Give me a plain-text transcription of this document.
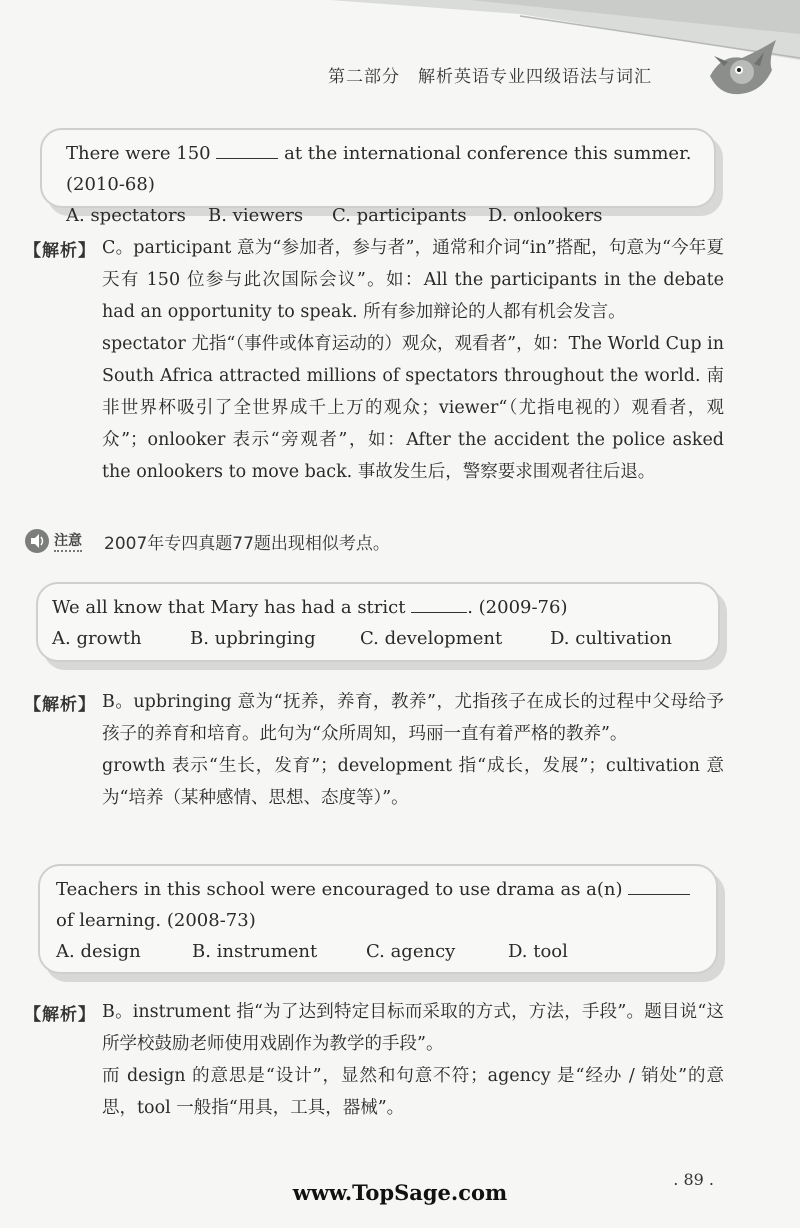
第二部分　解析英语专业四级语法与词汇
There were 150	at the international conference this summer. (2010-68)
A. spectators	B. viewers	C. participants	D. onlookers
【解析】 C。participant 意为“参加者，参与者”，通常和介词“in”搭配，句意为“今年夏天有 150 位参与此次国际会议”。如：All the participants in the debate had an opportunity to speak. 所有参加辩论的人都有机会发言。

spectator 尤指“（事件或体育运动的）观众，观看者”，如：The World Cup in South Africa attracted millions of spectators throughout the world. 南非世界杯吸引了全世界成千上万的观众；viewer“（尤指电视的）观看者，观众”；onlooker 表示“旁观者”，如：After the accident the police asked the onlookers to move back. 事故发生后，警察要求围观者往后退。

注意 2007年专四真题77题出现相似考点。
We all know that Mary has had a strict	. (2009-76)
A. growth	B. upbringing	C. development	D. cultivation
【解析】 B。upbringing 意为“抚养，养育，教养”，尤指孩子在成长的过程中父母给予孩子的养育和培育。此句为“众所周知，玛丽一直有着严格的教养”。

growth 表示“生长，发育”；development 指“成长，发展”；cultivation 意为“培养（某种感情、思想、态度等）”。

Teachers in this school were encouraged to use drama as a(n)  of learning. (2008-73)
A. design	B. instrument	C. agency	D. tool
【解析】 B。instrument 指“为了达到特定目标而采取的方式，方法，手段”。题目说“这所学校鼓励老师使用戏剧作为教学的手段”。

而 design 的意思是“设计”，显然和句意不符；agency 是“经办 / 销处”的意思，tool 一般指“用具，工具，器械”。

. 89 .
www.TopSage.com
